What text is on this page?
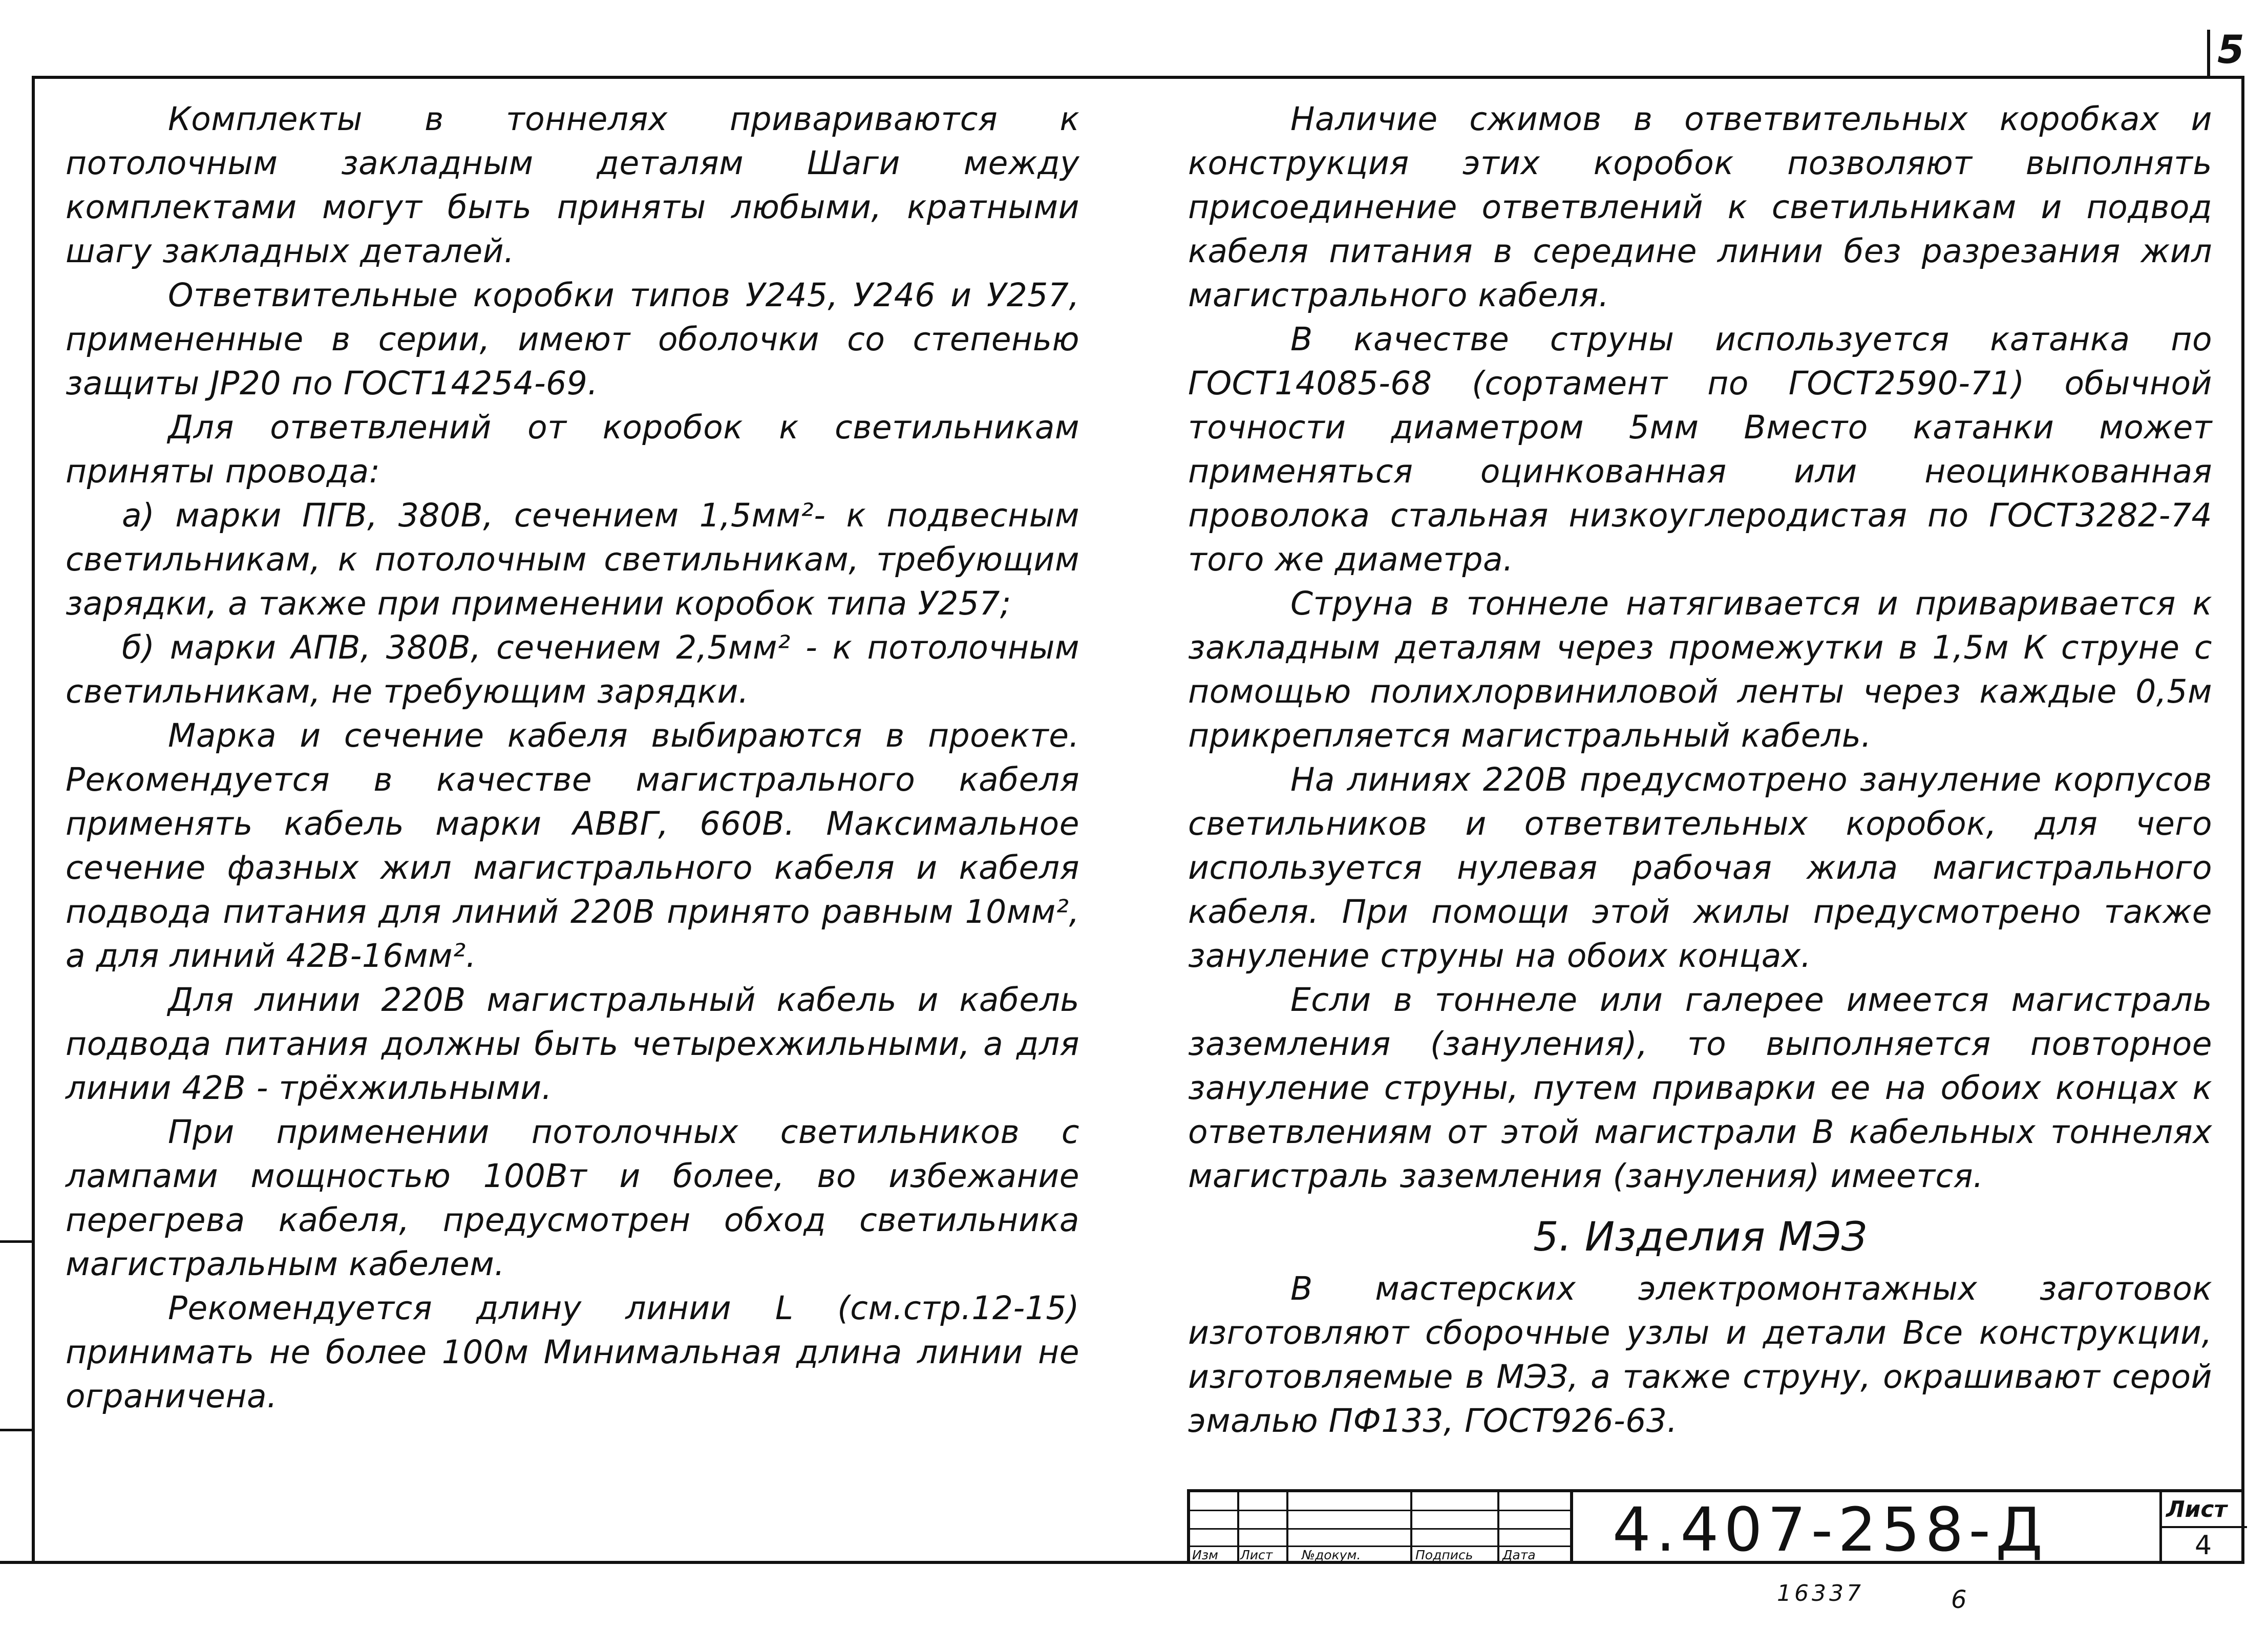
5

Комплекты в тоннелях привариваются к потолочным закладным деталям Шаги между комплектами могут быть приняты любыми, кратными шагу закладных деталей.

Ответвительные коробки типов У245, У246 и У257, примененные в серии, имеют оболочки со степенью защиты ЈР20 по ГОСТ14254-69.

Для ответвлений от коробок к светильникам приняты провода:

а) марки ПГВ, 380В, сечением 1,5мм²- к подвесным светильникам, к потолочным светильникам, требующим зарядки, а также при применении коробок типа У257;

б) марки АПВ, 380В, сечением 2,5мм² - к потолочным светильникам, не требующим зарядки.

Марка и сечение кабеля выбираются в проекте. Рекомендуется в качестве магистрального кабеля применять кабель марки АВВГ, 660В. Максимальное сечение фазных жил магистрального кабеля и кабеля подвода питания для линий 220В принято равным 10мм², а для линий 42В-16мм².

Для линии 220В магистральный кабель и кабель подвода питания должны быть четырехжильными, а для линии 42В - трёхжильными.

При применении потолочных светильников с лампами мощностью 100Вт и более, во избежание перегрева кабеля, предусмотрен обход светильника магистральным кабелем.

Рекомендуется длину линии L (см.стр.12-15) принимать не более 100м Минимальная длина линии не ограничена.

Наличие сжимов в ответвительных коробках и конструкция этих коробок позволяют выполнять присоединение ответвлений к светильникам и подвод кабеля питания в середине линии без разрезания жил магистрального кабеля.

В качестве струны используется катанка по ГОСТ14085-68 (сортамент по ГОСТ2590-71) обычной точности диаметром 5мм Вместо катанки может применяться оцинкованная или неоцинкованная проволока стальная низкоуглеродистая по ГОСТ3282-74 того же диаметра.

Струна в тоннеле натягивается и приваривается к закладным деталям через промежутки в 1,5м К струне с помощью полихлорвиниловой ленты через каждые 0,5м прикрепляется магистральный кабель.

На линиях 220В предусмотрено зануление корпусов светильников и ответвительных коробок, для чего используется нулевая рабочая жила магистрального кабеля. При помощи этой жилы предусмотрено также зануление струны на обоих концах.

Если в тоннеле или галерее имеется магистраль заземления (зануления), то выполняется повторное зануление струны, путем приварки ее на обоих концах к ответвлениям от этой магистрали В кабельных тоннелях магистраль заземления (зануления) имеется.

5. Изделия МЭЗ

В мастерских электромонтажных заготовок изготовляют сборочные узлы и детали Все конструкции, изготовляемые в МЭЗ, а также струну, окрашивают серой эмалью ПФ133, ГОСТ926-63.

Изм Лист №докум.	Подпись Дата	4.407-258-Д	Лист
4
16337	6
